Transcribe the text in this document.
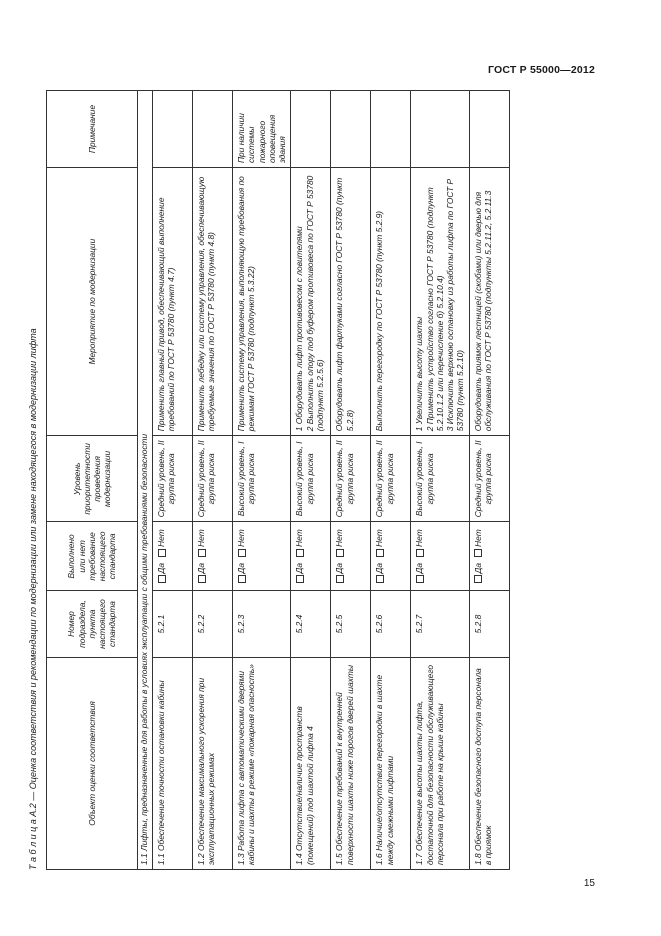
ГОСТ Р 55000—2012
Т а б л и ц а А.2 — Оценка соответствия и рекомендации по модернизации или замене находящегося в модернизации лифта	Объект оценки соответствия	Номер подраздела, пункта настоящего стандарта	Выполнено или нет требование настоящего стандарта	Уровень приоритетности проведения модернизации	Мероприятие по модернизации	Примечание
1.1 Лифты, предназначенные для работы в условиях эксплуатации с общими требованиями безопасности					
1.1 Обеспечение точности остановки кабины	5.2.1	ДаНет	Средний уровень, II группа риска	Применить главный привод, обеспечивающий выполнение требований по ГОСТ Р 53780 (пункт 4.7)	

1.2 Обеспечение максимального ускорения при эксплуатационных режимах	5.2.2	ДаНет	Средний уровень, II группа риска	Применить лебедку или систему управления, обеспечивающую требуемые значения по ГОСТ Р 53780 (пункт 4.8)	

1.3 Работа лифта с автоматическими дверями кабины и шахты в режиме «пожарная опасность»	5.2.3	ДаНет	Высокий уровень, I группа риска	Применить систему управления, выполняющую требования по режимам ГОСТ Р 53780 (подпункт 5.3.22)	При наличии системы пожарного оповещения здания
1.4 Отсутствие/наличие пространств (помещений) под шахтой лифта 4	5.2.4	ДаНет	Высокий уровень, I группа риска	1 Оборудовать лифт противовесом с ловителями 2 Выполнить опору под буфером противовеса по ГОСТ Р 53780 (подпункт 5.2.5.6)	

1.5 Обеспечение требований к внутренней поверхности шахты ниже порогов дверей шахты	5.2.5	ДаНет	Средний уровень, II группа риска	Оборудовать лифт фартуками согласно ГОСТ Р 53780 (пункт 5.2.8)	

1.6 Наличие/отсутствие перегородки в шахте между смежными лифтами	5.2.6	ДаНет	Средний уровень, II группа риска	Выполнить перегородку по ГОСТ Р 53780 (пункт 5.2.9)	

1.7 Обеспечение высоты шахты лифта, достаточной для безопасности обслуживающего персонала при работе на крыше кабины	5.2.7	ДаНет	Высокий уровень, I группа риска	1 Увеличить высоту шахты 2 Применить устройство согласно ГОСТ Р 53780 (подпункт 5.2.10.1.2 или перечисление б) 5.2.10.4) 3 Исключить верхнюю остановку из работы лифта по ГОСТ Р 53780 (пункт 5.2.10)	

1.8 Обеспечение безопасного доступа персонала в приямок	5.2.8	ДаНет	Средний уровень, II группа риска	Оборудовать приямок лестницей (скобами) или дверью для обслуживания по ГОСТ Р 53780 (подпункты 5.2.11.2, 5.2.11.3	

15
